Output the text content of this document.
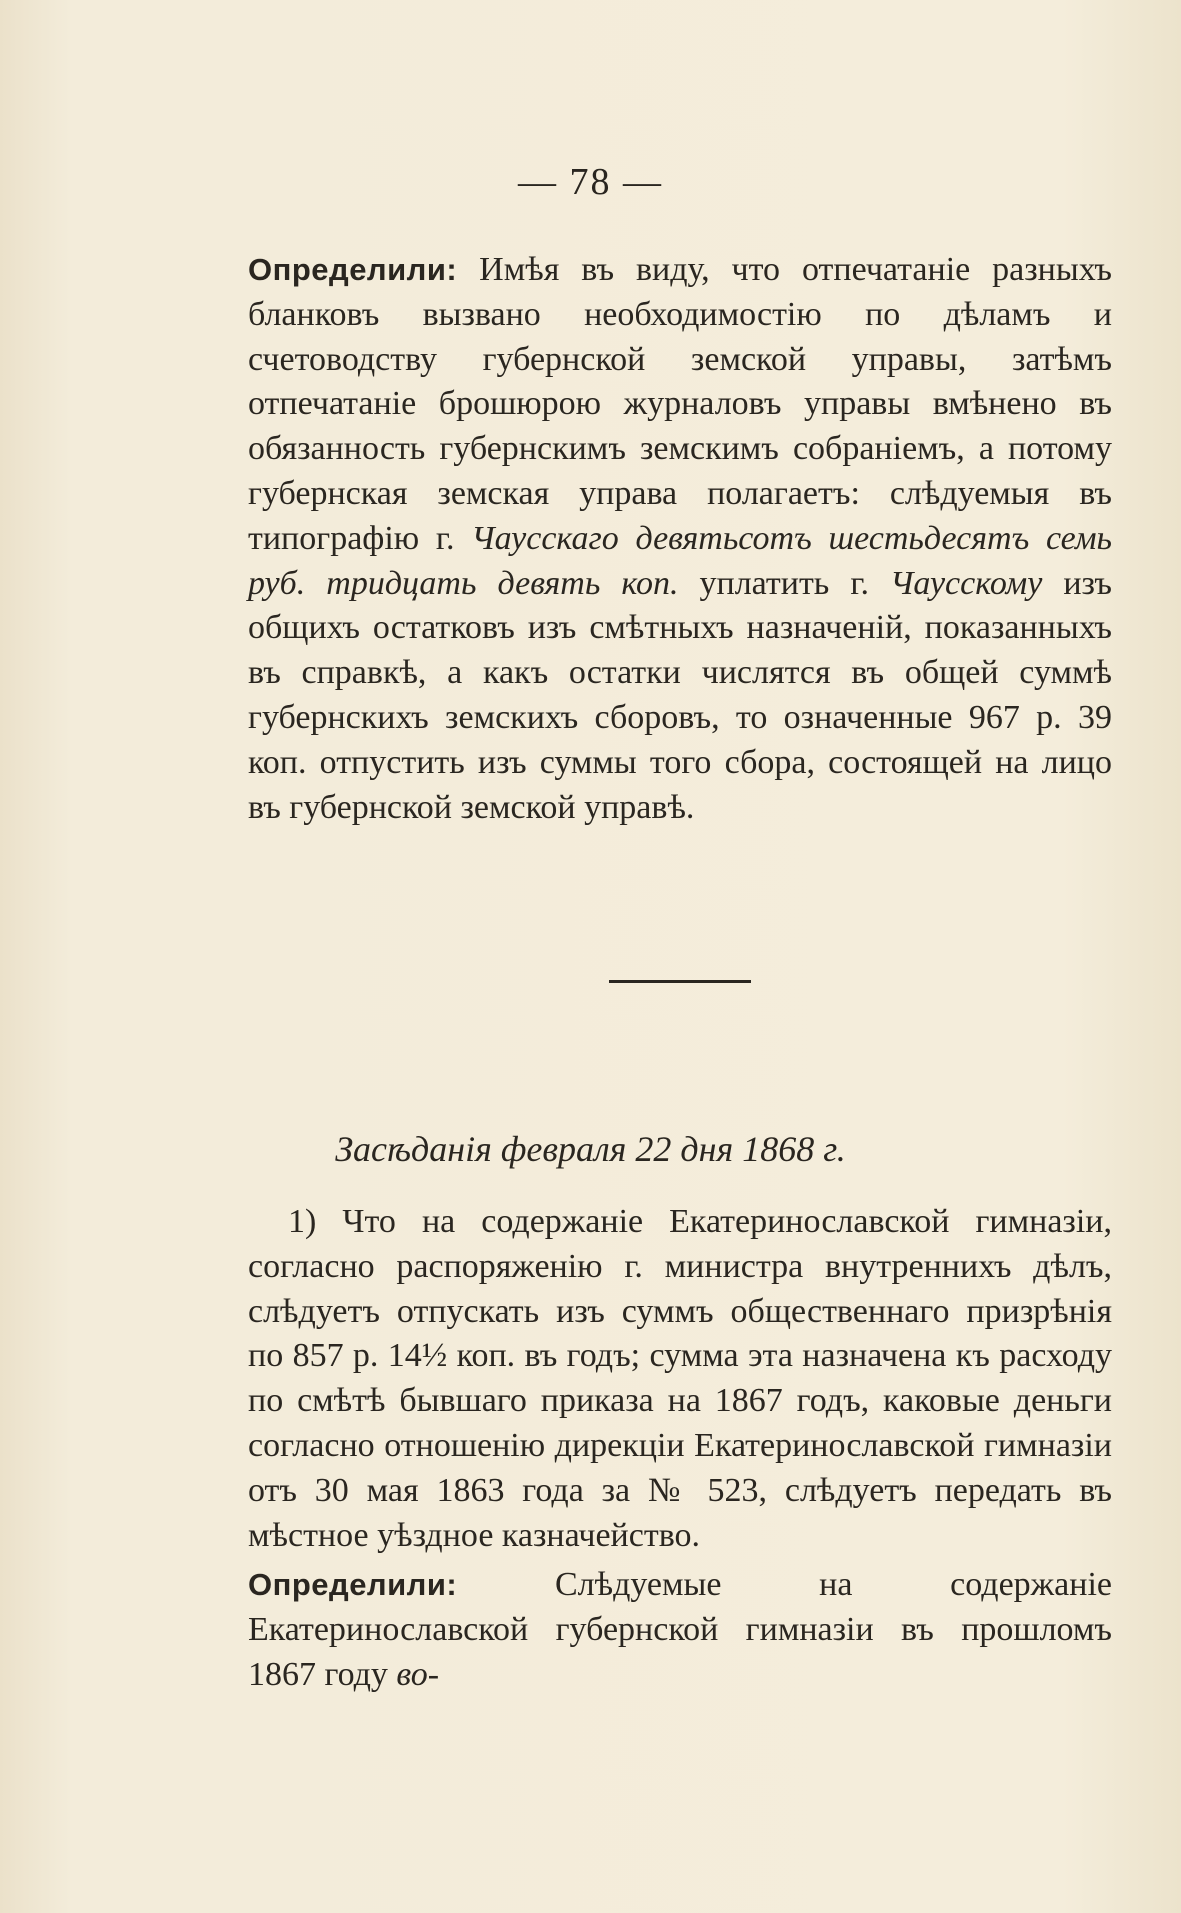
— 78 —

Определили: Имѣя въ виду, что отпечатаніе разныхъ бланковъ вызвано необходимостію по дѣламъ и счетоводству губернской земской управы, затѣмъ отпечатаніе брошюрою журналовъ управы вмѣнено въ обязанность губернскимъ земскимъ собраніемъ, а потому губернская земская управа полагаетъ: слѣдуемыя въ типографію г. Чаусскаго девятьсотъ шестьдесятъ семь руб. тридцать девять коп. уплатить г. Чаусскому изъ общихъ остатковъ изъ смѣтныхъ назначеній, показанныхъ въ справкѣ, а какъ остатки числятся въ общей суммѣ губернскихъ земскихъ сборовъ, то означенные 967 р. 39 коп. отпустить изъ суммы того сбора, состоящей на лицо въ губернской земской управѣ.

Засѣданія февраля 22 дня 1868 г.

1) Что на содержаніе Екатеринославской гимназіи, согласно распоряженію г. министра внутреннихъ дѣлъ, слѣдуетъ отпускать изъ суммъ общественнаго призрѣнія по 857 р. 14½ коп. въ годъ; сумма эта назначена къ расходу по смѣтѣ бывшаго приказа на 1867 годъ, каковые деньги согласно отношенію дирекціи Екатеринославской гимназіи отъ 30 мая 1863 года за № 523, слѣдуетъ передать въ мѣстное уѣздное казначейство.

Определили: Слѣдуемые на содержаніе Екатеринославской губернской гимназіи въ прошломъ 1867 году во-
